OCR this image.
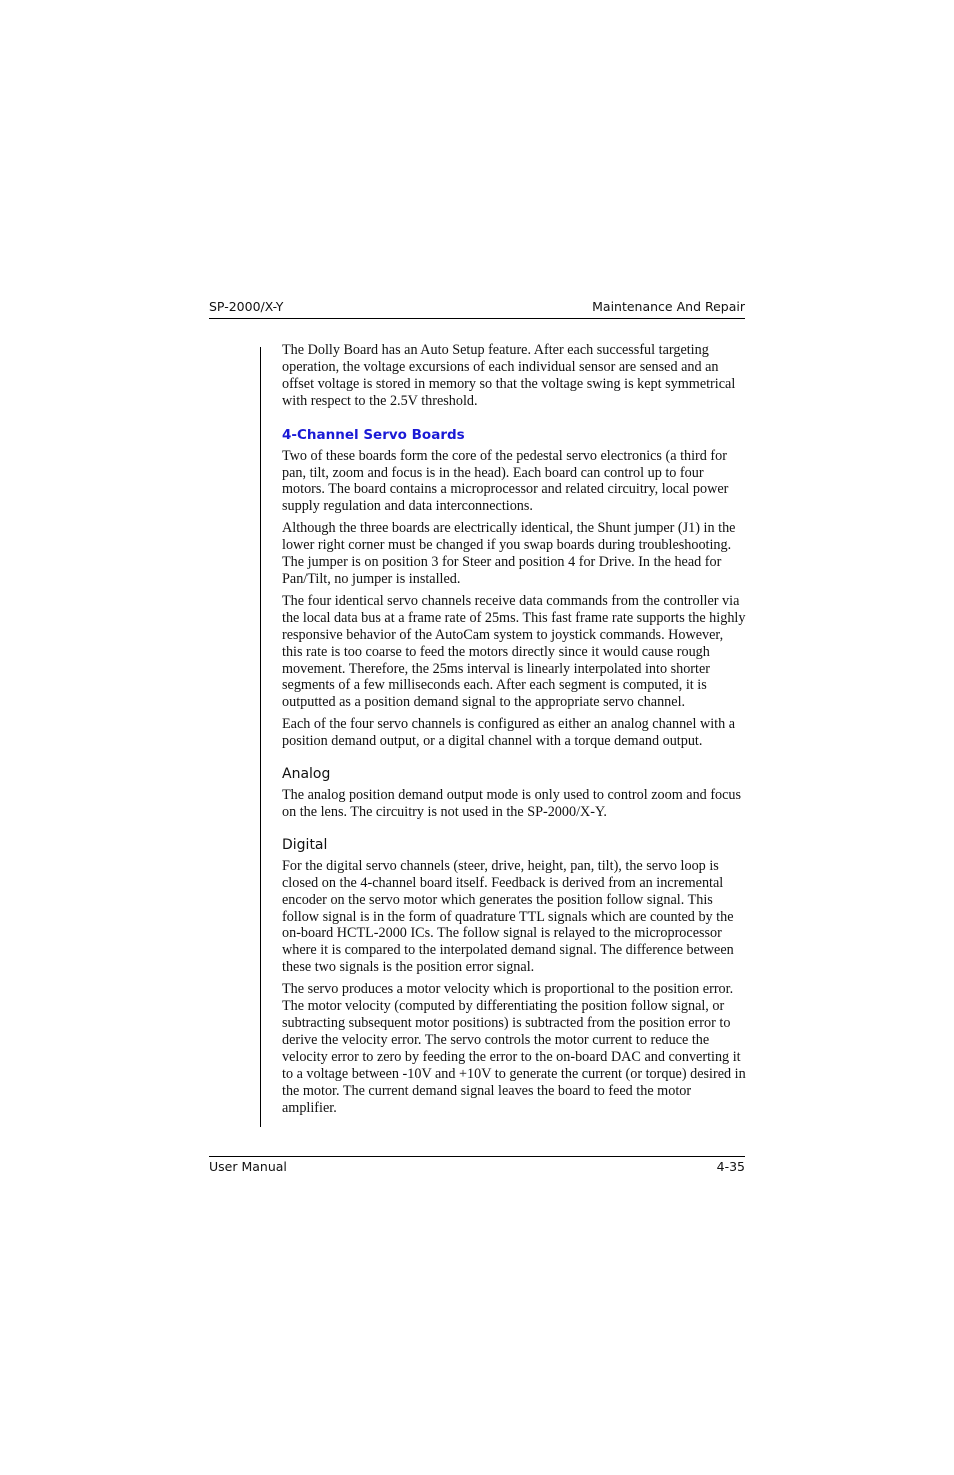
SP-2000/X-Y	Maintenance And Repair

The Dolly Board has an Auto Setup feature. After each successful targeting operation, the voltage excursions of each individual sensor are sensed and an offset voltage is stored in memory so that the voltage swing is kept symmetrical with respect to the 2.5V threshold.

4-Channel Servo Boards

Two of these boards form the core of the pedestal servo electronics (a third for pan, tilt, zoom and focus is in the head). Each board can control up to four motors. The board contains a microprocessor and related circuitry, local power supply regulation and data interconnections.

Although the three boards are electrically identical, the Shunt jumper (J1) in the lower right corner must be changed if you swap boards during troubleshooting. The jumper is on position 3 for Steer and position 4 for Drive. In the head for Pan/Tilt, no jumper is installed.

The four identical servo channels receive data commands from the controller via the local data bus at a frame rate of 25ms. This fast frame rate supports the highly responsive behavior of the AutoCam system to joystick commands. However, this rate is too coarse to feed the motors directly since it would cause rough movement. Therefore, the 25ms interval is linearly interpolated into shorter segments of a few milliseconds each. After each segment is computed, it is outputted as a position demand signal to the appropriate servo channel.

Each of the four servo channels is configured as either an analog channel with a position demand output, or a digital channel with a torque demand output.

Analog

The analog position demand output mode is only used to control zoom and focus on the lens. The circuitry is not used in the SP-2000/X-Y.

Digital

For the digital servo channels (steer, drive, height, pan, tilt), the servo loop is closed on the 4-channel board itself. Feedback is derived from an incremental encoder on the servo motor which generates the position follow signal. This follow signal is in the form of quadrature TTL signals which are counted by the on-board HCTL-2000 ICs. The follow signal is relayed to the microprocessor where it is compared to the interpolated demand signal. The difference between these two signals is the position error signal.

The servo produces a motor velocity which is proportional to the position error. The motor velocity (computed by differentiating the position follow signal, or subtracting subsequent motor positions) is subtracted from the position error to derive the velocity error. The servo controls the motor current to reduce the velocity error to zero by feeding the error to the on-board DAC and converting it to a voltage between -10V and +10V to generate the current (or torque) desired in the motor. The current demand signal leaves the board to feed the motor amplifier.

User Manual	4-35
